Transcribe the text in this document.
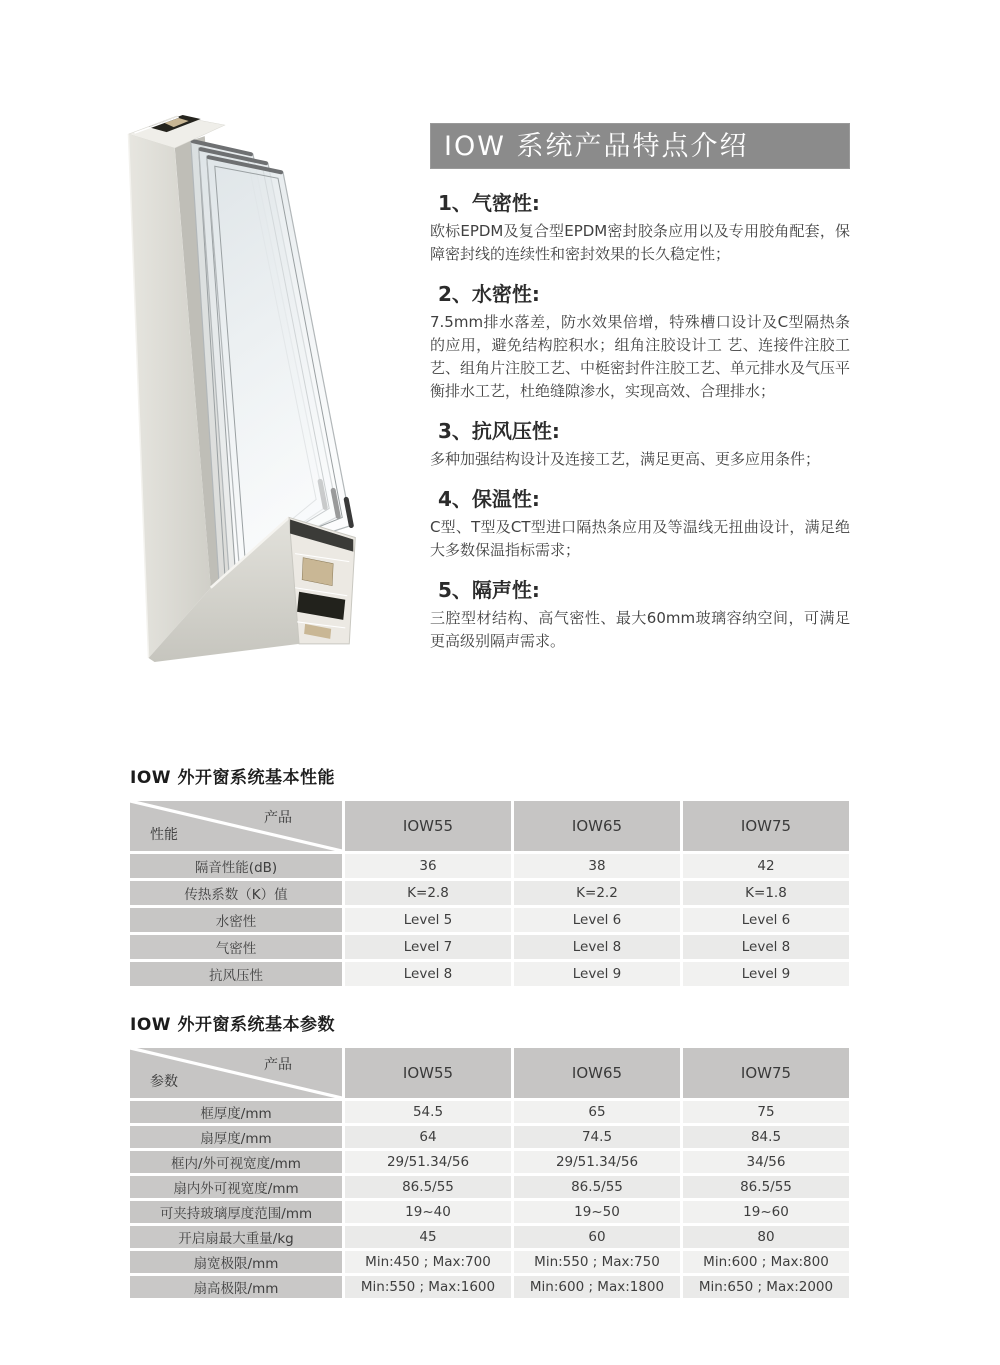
IOW 系统产品特点介绍
1、气密性:

欧标EPDM及复合型EPDM密封胶条应用以及专用胶角配套，保障密封线的连续性和密封效果的长久稳定性；

2、水密性:

7.5mm排水落差，防水效果倍增，特殊槽口设计及C型隔热条的应用，避免结构腔积水；组角注胶设计工 艺、连接件注胶工艺、组角片注胶工艺、中梃密封件注胶工艺、单元排水及气压平衡排水工艺，杜绝缝隙渗水，实现高效、合理排水；

3、抗风压性:

多种加强结构设计及连接工艺，满足更高、更多应用条件；

4、保温性:

C型、T型及CT型进口隔热条应用及等温线无扭曲设计，满足绝大多数保温指标需求；

5、隔声性:

三腔型材结构、高气密性、最大60mm玻璃容纳空间，可满足更高级别隔声需求。

IOW 外开窗系统基本性能
产品
性能	IOW55	IOW65	IOW75
隔音性能(dB)	36	38	42
传热系数（K）值	K=2.8	K=2.2	K=1.8
水密性	Level 5	Level 6	Level 6
气密性	Level 7	Level 8	Level 8
抗风压性	Level 8	Level 9	Level 9
IOW 外开窗系统基本参数
产品
参数	IOW55	IOW65	IOW75
框厚度/mm	54.5	65	75
扇厚度/mm	64	74.5	84.5
框内/外可视宽度/mm	29/51.34/56	29/51.34/56	34/56
扇内外可视宽度/mm	86.5/55	86.5/55	86.5/55
可夹持玻璃厚度范围/mm	19~40	19~50	19~60
开启扇最大重量/kg	45	60	80
扇宽极限/mm	Min:450 ; Max:700	Min:550 ; Max:750	Min:600 ; Max:800
扇高极限/mm	Min:550 ; Max:1600	Min:600 ; Max:1800	Min:650 ; Max:2000
